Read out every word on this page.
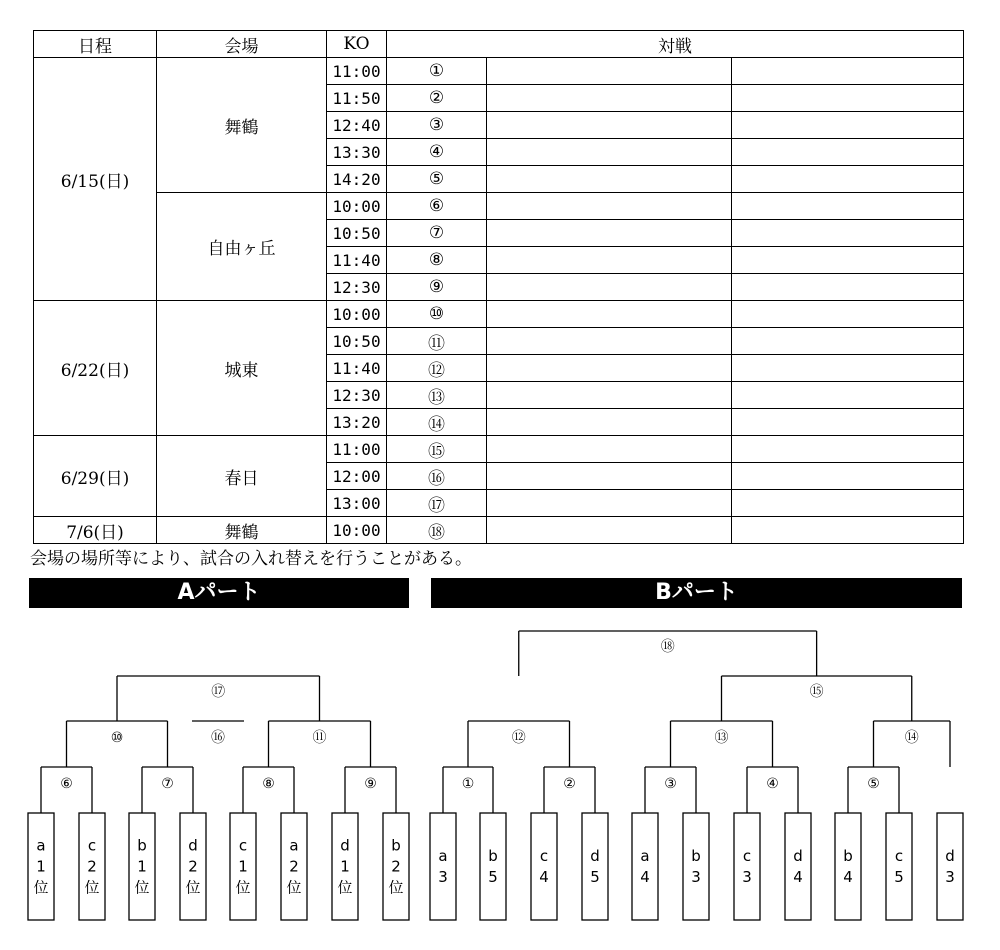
日程	会場	KO	対戦		
6/15(日)	舞鶴	11:00	①		
		11:50	②		
		12:40	③		
		13:30	④		
		14:20	⑤		
	自由ヶ丘	10:00	⑥		
		10:50	⑦		
		11:40	⑧		
		12:30	⑨		
6/22(日)	城東	10:00	⑩		
		10:50	⑪		
		11:40	⑫		
		12:30	⑬		
		13:20	⑭		
6/29(日)	春日	11:00	⑮		
		12:00	⑯		
		13:00	⑰		
7/6(日)	舞鶴	10:00	⑱		
会場の場所等により、試合の入れ替えを行うことがある。
Aパート	Bパート
a
1
位
c
2
位
b
1
位
d
2
位
c
1
位
a
2
位
d
1
位
b
2
位
⑥	⑦	⑧	⑨
⑩	⑪
⑰
⑯
a
3
b
5
c
4
d
5
a
4
b
3
c
3
d
4
b
4
c
5
d
3
①	②	③	④	⑤
⑫	⑬	⑭
⑮
⑱
